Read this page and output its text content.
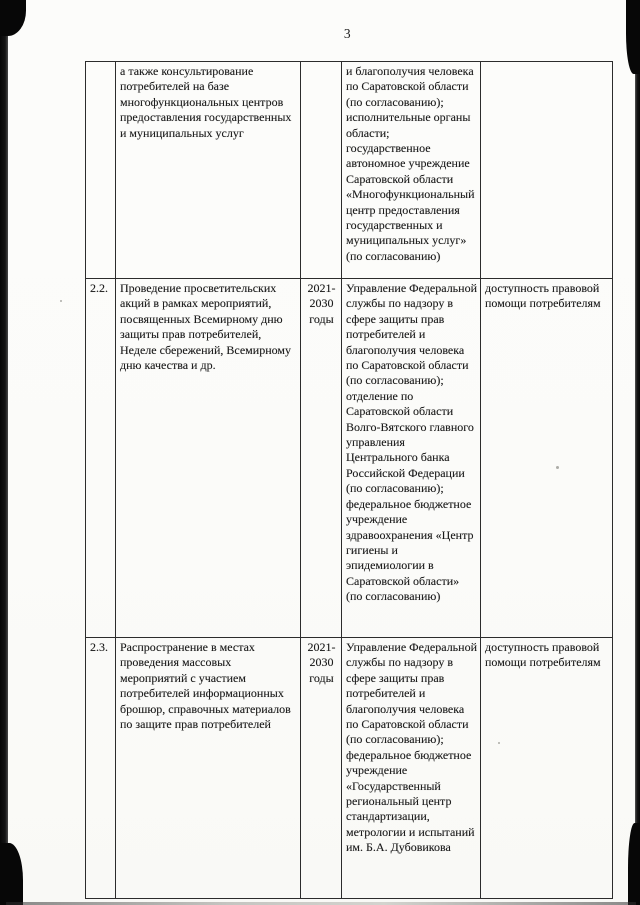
3
	а также консультирование потребителей на базе многофункциональных центров предоставления государственных и муниципальных услуг		и благополучия человека по Саратовской области (по согласованию); исполнительные органы области; государственное автономное учреждение Саратовской области «Многофункциональный центр предоставления государственных и муниципальных услуг» (по согласованию)	
2.2.	Проведение просветительских акций в рамках мероприятий, посвященных Всемирному дню защиты прав потребителей, Неделе сбережений, Всемирному дню качества и др.	2021-2030 годы	Управление Федеральной службы по надзору в сфере защиты прав потребителей и благополучия человека по Саратовской области (по согласованию); отделение по Саратовской области Волго-Вятского главного управления Центрального банка Российской Федерации (по согласованию); федеральное бюджетное учреждение здравоохранения «Центр гигиены и эпидемиологии в Саратовской области» (по согласованию)	доступность правовой помощи потребителям
2.3.	Распространение в местах проведения массовых мероприятий с участием потребителей информационных брошюр, справочных материалов по защите прав потребителей	2021-2030 годы	Управление Федеральной службы по надзору в сфере защиты прав потребителей и благополучия человека по Саратовской области (по согласованию); федеральное бюджетное учреждение «Государственный региональный центр стандартизации, метрологии и испытаний им. Б.А. Дубовикова	доступность правовой помощи потребителям
